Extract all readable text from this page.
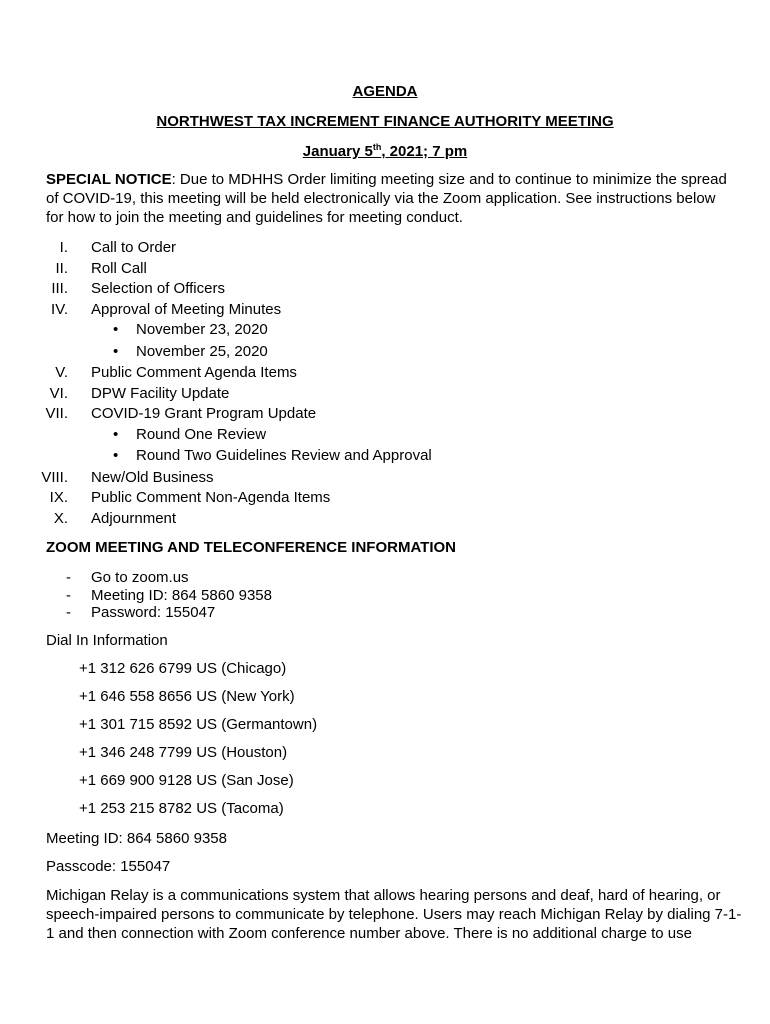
AGENDA
NORTHWEST TAX INCREMENT FINANCE AUTHORITY MEETING
January 5th, 2021; 7 pm
SPECIAL NOTICE: Due to MDHHS Order limiting meeting size and to continue to minimize the spread of COVID-19, this meeting will be held electronically via the Zoom application. See instructions below for how to join the meeting and guidelines for meeting conduct.
I. Call to Order
II. Roll Call
III. Selection of Officers
IV. Approval of Meeting Minutes
• November 23, 2020
• November 25, 2020
V. Public Comment Agenda Items
VI. DPW Facility Update
VII. COVID-19 Grant Program Update
• Round One Review
• Round Two Guidelines Review and Approval
VIII. New/Old Business
IX. Public Comment Non-Agenda Items
X. Adjournment
ZOOM MEETING AND TELECONFERENCE INFORMATION
- Go to zoom.us
- Meeting ID: 864 5860 9358
- Password: 155047
Dial In Information
+1 312 626 6799 US (Chicago)
+1 646 558 8656 US (New York)
+1 301 715 8592 US (Germantown)
+1 346 248 7799 US (Houston)
+1 669 900 9128 US (San Jose)
+1 253 215 8782 US (Tacoma)
Meeting ID: 864 5860 9358
Passcode: 155047
Michigan Relay is a communications system that allows hearing persons and deaf, hard of hearing, or speech-impaired persons to communicate by telephone. Users may reach Michigan Relay by dialing 7-1-1 and then connection with Zoom conference number above. There is no additional charge to use
